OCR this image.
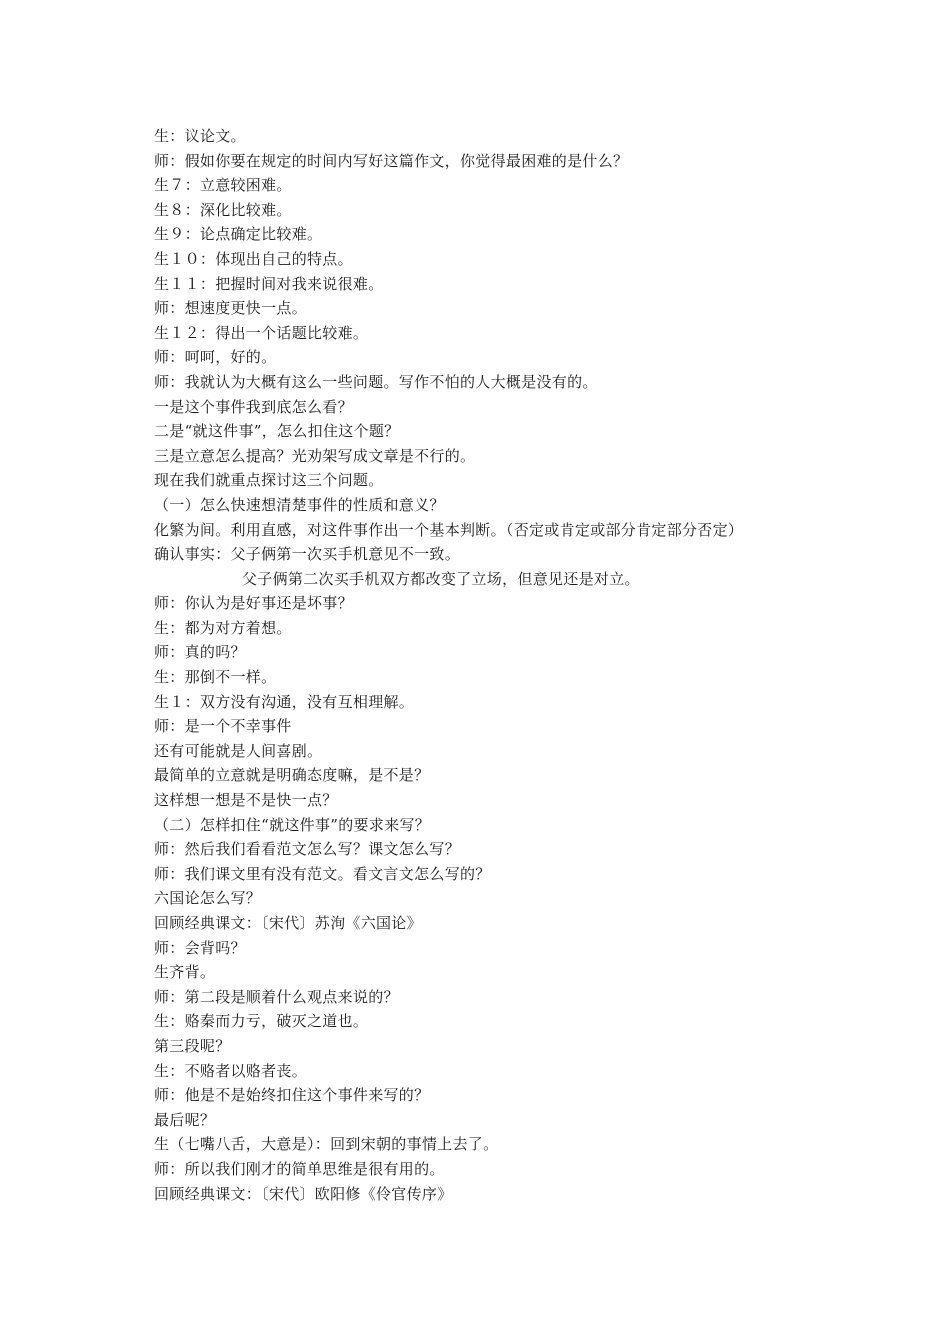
生：议论文。
师：假如你要在规定的时间内写好这篇作文，你觉得最困难的是什么？
生７：立意较困难。
生８：深化比较难。
生９：论点确定比较难。
生１０：体现出自己的特点。
生１１：把握时间对我来说很难。
师：想速度更快一点。
生１２：得出一个话题比较难。
师：呵呵，好的。
师：我就认为大概有这么一些问题。写作不怕的人大概是没有的。
一是这个事件我到底怎么看？
二是“就这件事”，怎么扣住这个题？
三是立意怎么提高？光劝架写成文章是不行的。
现在我们就重点探讨这三个问题。
（一）怎么快速想清楚事件的性质和意义？
化繁为间。利用直感，对这件事作出一个基本判断。（否定或肯定或部分肯定部分否定）
确认事实：父子俩第一次买手机意见不一致。
父子俩第二次买手机双方都改变了立场，但意见还是对立。
师：你认为是好事还是坏事？
生：都为对方着想。
师：真的吗？
生：那倒不一样。
生１：双方没有沟通，没有互相理解。
师：是一个不幸事件
还有可能就是人间喜剧。
最简单的立意就是明确态度嘛，是不是？
这样想一想是不是快一点？
（二）怎样扣住“就这件事”的要求来写？
师：然后我们看看范文怎么写？课文怎么写？
师：我们课文里有没有范文。看文言文怎么写的？
六国论怎么写？
回顾经典课文：〔宋代〕苏洵《六国论》
师：会背吗？
生齐背。
师：第二段是顺着什么观点来说的？
生：赂秦而力亏，破灭之道也。
第三段呢？
生：不赂者以赂者丧。
师：他是不是始终扣住这个事件来写的？
最后呢？
生（七嘴八舌，大意是）：回到宋朝的事情上去了。
师：所以我们刚才的简单思维是很有用的。
回顾经典课文：〔宋代〕欧阳修《伶官传序》
